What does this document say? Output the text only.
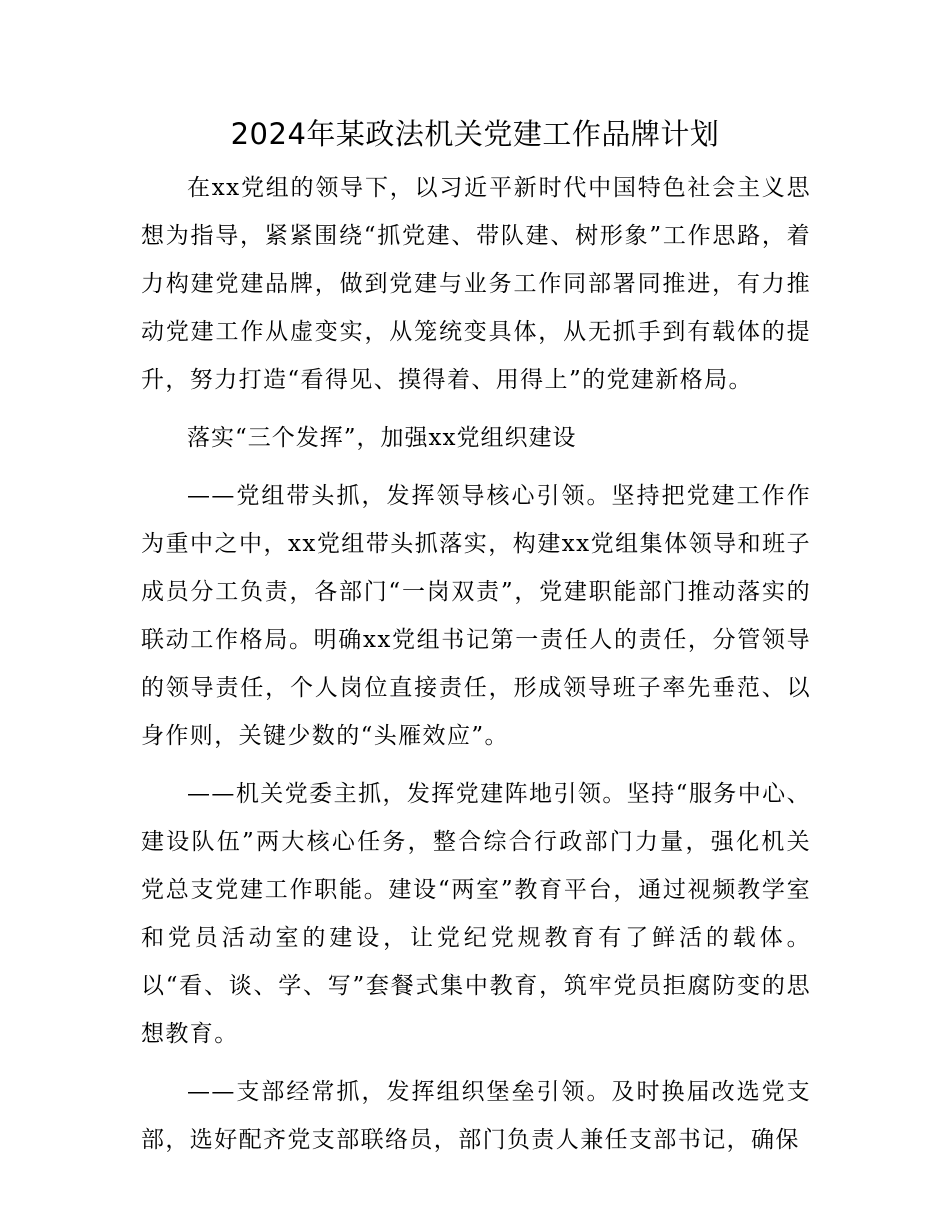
2024年某政法机关党建工作品牌计划

在xx党组的领导下，以习近平新时代中国特色社会主义思想为指导，紧紧围绕“抓党建、带队建、树形象”工作思路，着力构建党建品牌，做到党建与业务工作同部署同推进，有力推动党建工作从虚变实，从笼统变具体，从无抓手到有载体的提升，努力打造“看得见、摸得着、用得上”的党建新格局。

落实“三个发挥”，加强xx党组织建设

——党组带头抓，发挥领导核心引领。坚持把党建工作作为重中之中，xx党组带头抓落实，构建xx党组集体领导和班子成员分工负责，各部门“一岗双责”，党建职能部门推动落实的联动工作格局。明确xx党组书记第一责任人的责任，分管领导的领导责任，个人岗位直接责任，形成领导班子率先垂范、以身作则，关键少数的“头雁效应”。

——机关党委主抓，发挥党建阵地引领。坚持“服务中心、建设队伍”两大核心任务，整合综合行政部门力量，强化机关党总支党建工作职能。建设“两室”教育平台，通过视频教学室和党员活动室的建设，让党纪党规教育有了鲜活的载体。以“看、谈、学、写”套餐式集中教育，筑牢党员拒腐防变的思想教育。

——支部经常抓，发挥组织堡垒引领。及时换届改选党支部，选好配齐党支部联络员，部门负责人兼任支部书记，确保
